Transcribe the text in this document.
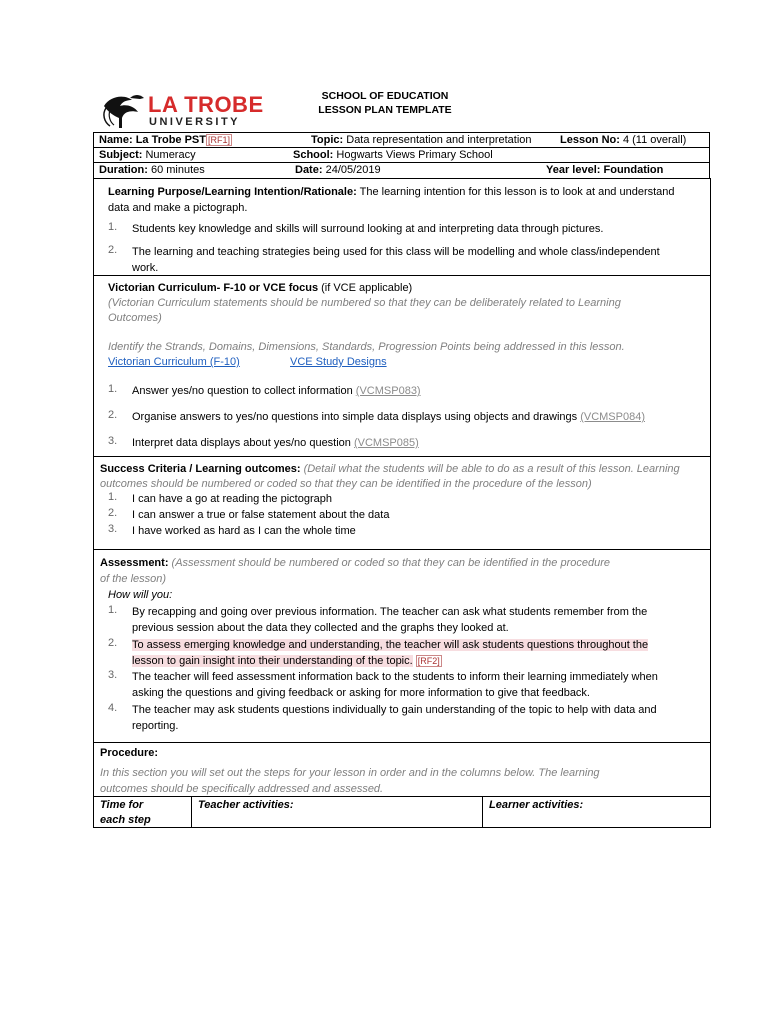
LA TROBE
UNIVERSITY
SCHOOL OF EDUCATION
LESSON PLAN TEMPLATE
Name: La Trobe PST [RF1]	Topic: Data representation and interpretation	Lesson No: 4 (11 overall)
Subject: Numeracy	School: Hogwarts Views Primary School
Duration: 60 minutes	Date: 24/05/2019	Year level: Foundation
Learning Purpose/Learning Intention/Rationale: The learning intention for this lesson is to look at and understand
data and make a pictograph.
1. Students key knowledge and skills will surround looking at and interpreting data through pictures.
2. The learning and teaching strategies being used for this class will be modelling and whole class/independent
work.
Victorian Curriculum- F-10 or VCE focus (if VCE applicable)
(Victorian Curriculum statements should be numbered so that they can be deliberately related to Learning
Outcomes)
Identify the Strands, Domains, Dimensions, Standards, Progression Points being addressed in this lesson.
Victorian Curriculum (F-10)	VCE Study Designs
1. Answer yes/no question to collect information (VCMSP083)
2. Organise answers to yes/no questions into simple data displays using objects and drawings (VCMSP084)
3. Interpret data displays about yes/no question (VCMSP085)
Success Criteria / Learning outcomes: (Detail what the students will be able to do as a result of this lesson. Learning
outcomes should be numbered or coded so that they can be identified in the procedure of the lesson)
1. I can have a go at reading the pictograph
2. I can answer a true or false statement about the data
3. I have worked as hard as I can the whole time
Assessment: (Assessment should be numbered or coded so that they can be identified in the procedure
of the lesson)
How will you:
1. By recapping and going over previous information. The teacher can ask what students remember from the
previous session about the data they collected and the graphs they looked at.
2. To assess emerging knowledge and understanding, the teacher will ask students questions throughout the
lesson to gain insight into their understanding of the topic. [RF2]
3. The teacher will feed assessment information back to the students to inform their learning immediately when
asking the questions and giving feedback or asking for more information to give that feedback.
4. The teacher may ask students questions individually to gain understanding of the topic to help with data and
reporting.
Procedure:
In this section you will set out the steps for your lesson in order and in the columns below. The learning
outcomes should be specifically addressed and assessed.
Time for
each step
Teacher activities:	Learner activities:
